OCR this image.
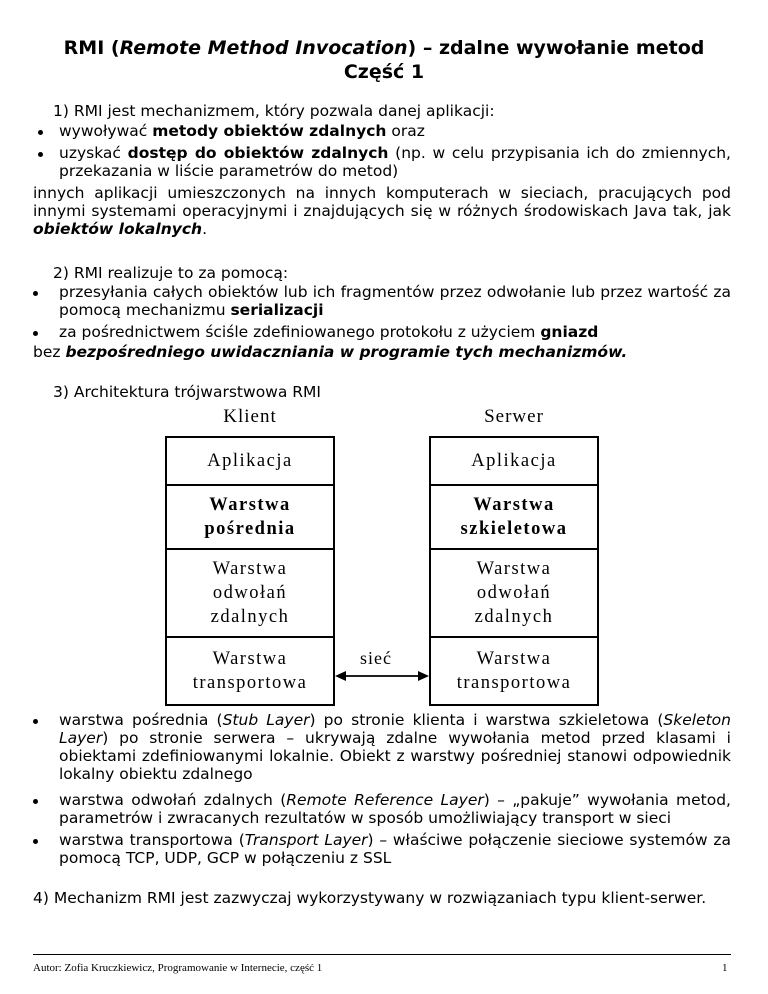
RMI (Remote Method Invocation) – zdalne wywołanie metod
Część 1
1) RMI jest mechanizmem, który pozwala danej aplikacji:
wywoływać metody obiektów zdalnych oraz
uzyskać dostęp do obiektów zdalnych (np. w celu przypisania ich do zmiennych, przekazania w liście parametrów do metod)
innych aplikacji umieszczonych na innych komputerach w sieciach, pracujących pod innymi systemami operacyjnymi i znajdujących się w różnych środowiskach Java tak, jak obiektów lokalnych.
2) RMI realizuje to za pomocą:
przesyłania całych obiektów lub ich fragmentów przez odwołanie lub przez wartość za pomocą mechanizmu serializacji
za pośrednictwem ściśle zdefiniowanego protokołu z użyciem gniazd
bez bezpośredniego uwidaczniania w programie tych mechanizmów.
3) Architektura trójwarstwowa RMI
Klient	Serwer
Aplikacja
Warstwa
pośrednia
Warstwa
odwołań
zdalnych
Warstwa
transportowa
Aplikacja
Warstwa
szkieletowa
Warstwa
odwołań
zdalnych
Warstwa
transportowa
sieć
warstwa pośrednia (Stub Layer) po stronie klienta i warstwa szkieletowa (Skeleton Layer) po stronie serwera – ukrywają zdalne wywołania metod przed klasami i obiektami zdefiniowanymi lokalnie. Obiekt z warstwy pośredniej stanowi odpowiednik lokalny obiektu zdalnego
warstwa odwołań zdalnych (Remote Reference Layer) – „pakuje” wywołania metod, parametrów i zwracanych rezultatów w sposób umożliwiający transport w sieci
warstwa transportowa (Transport Layer) – właściwe połączenie sieciowe systemów za pomocą TCP, UDP, GCP w połączeniu z SSL
4) Mechanizm RMI jest zazwyczaj wykorzystywany w rozwiązaniach typu klient-serwer.
Autor: Zofia Kruczkiewicz, Programowanie w Internecie, część 1	1
